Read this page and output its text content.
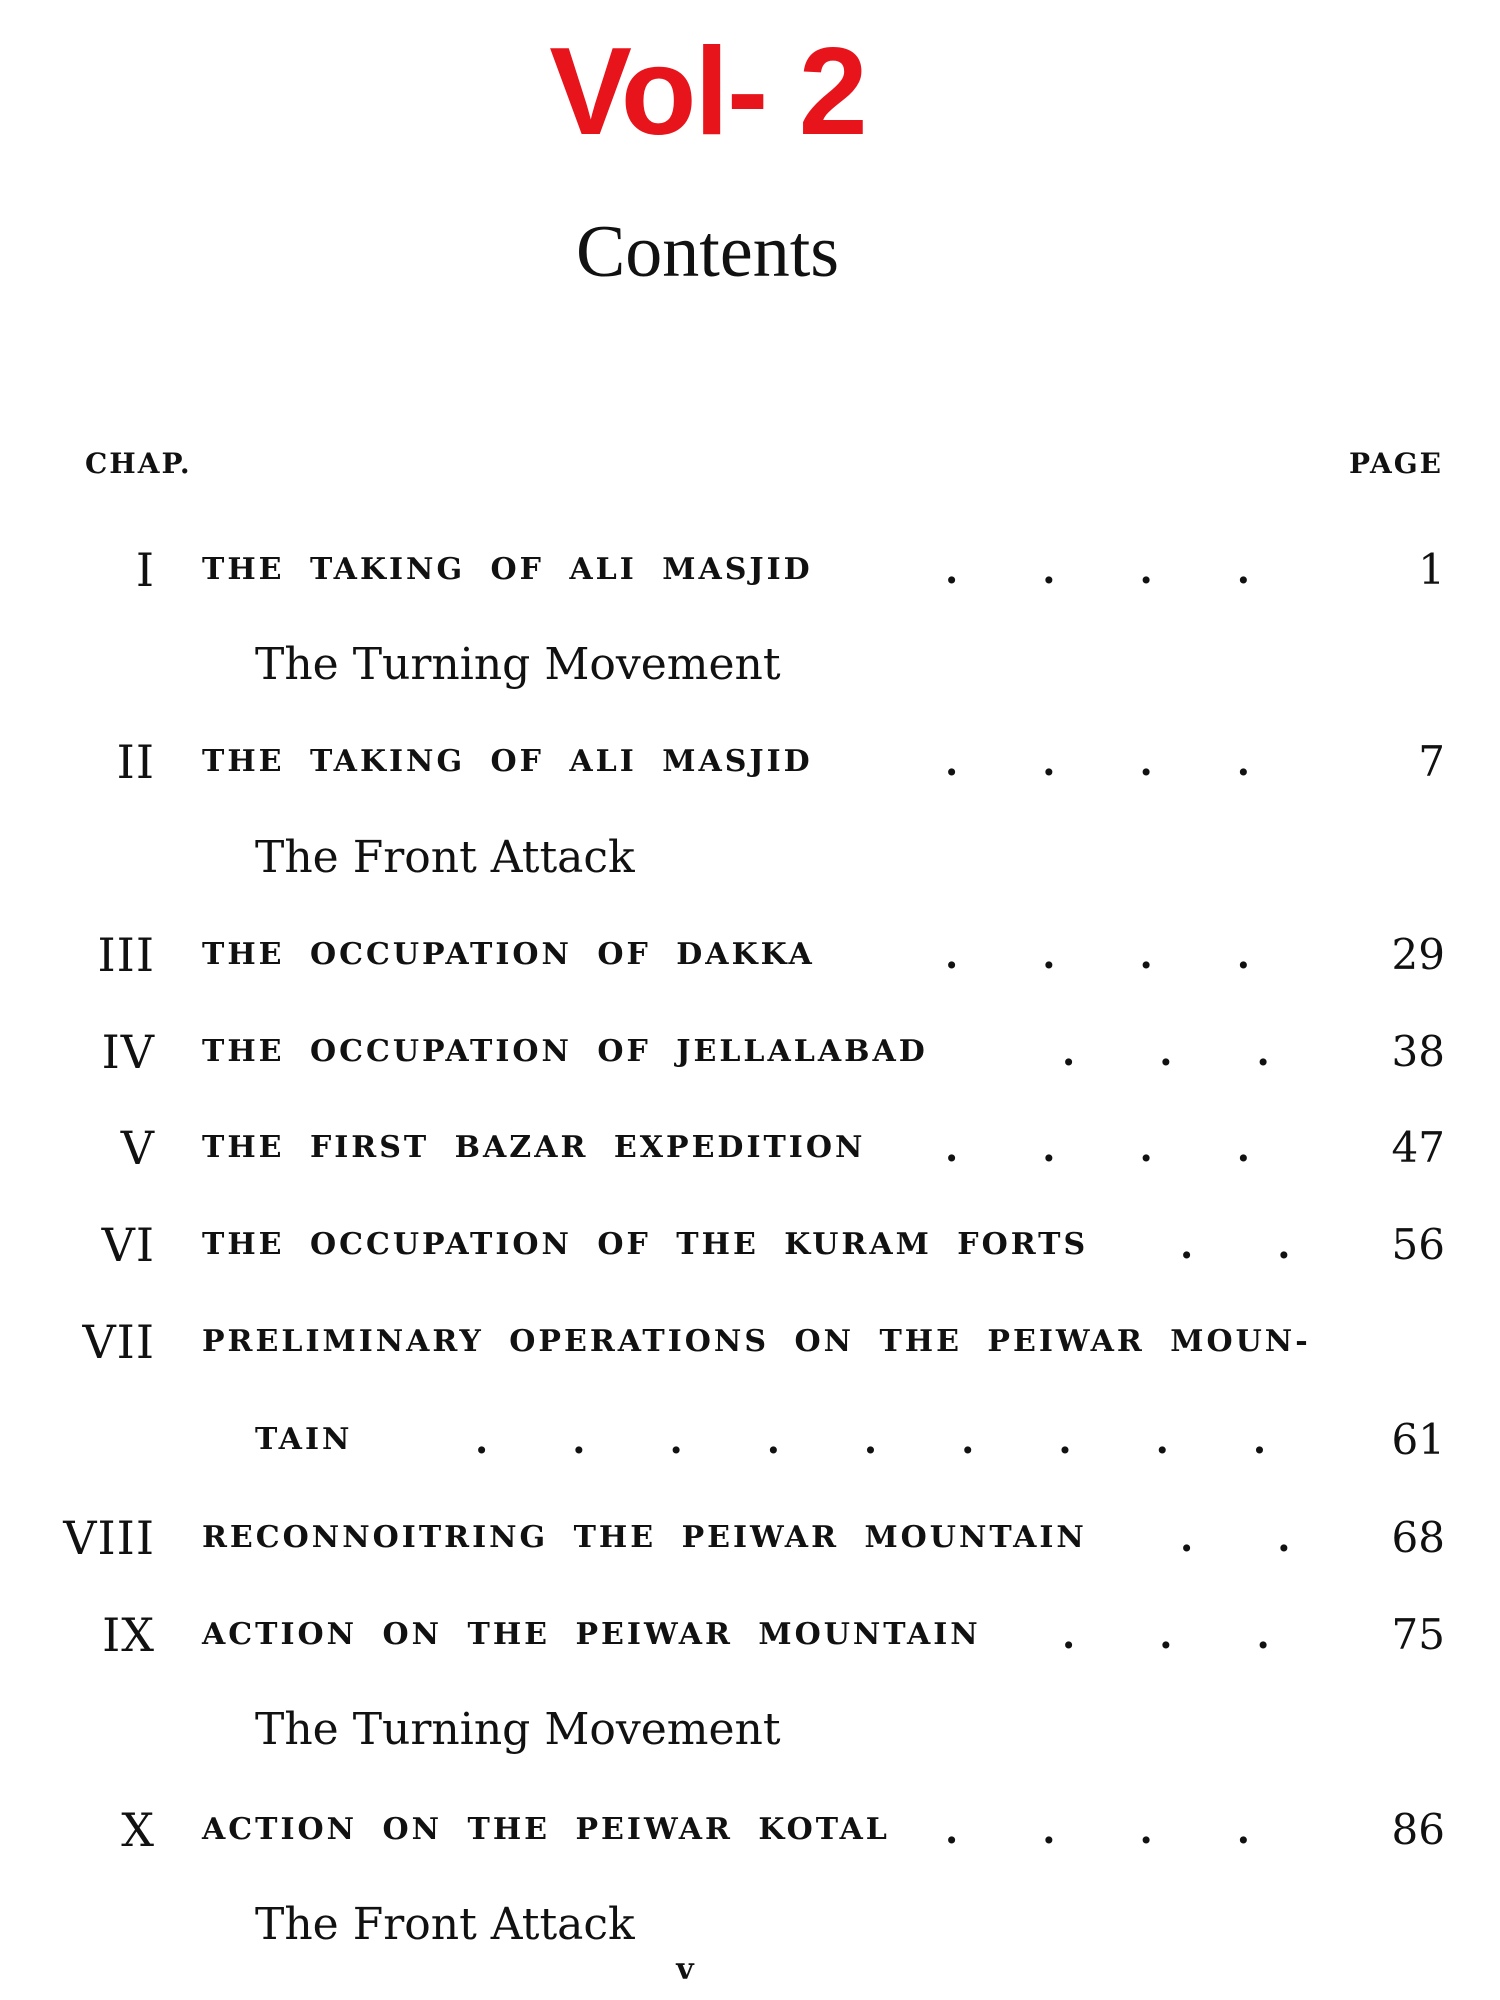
Vol- 2
Contents
CHAP.	PAGE
I THE TAKING OF ALI MASJID	.... 1
The Turning Movement
II THE TAKING OF ALI MASJID	.... 7
The Front Attack
III THE OCCUPATION OF DAKKA	.... 29
IV THE OCCUPATION OF JELLALABAD	... 38
V THE FIRST BAZAR EXPEDITION .... 47
VI THE OCCUPATION OF THE KURAM FORTS .. 56
VII PRELIMINARY OPERATIONS ON THE PEIWAR MOUN-
TAIN	......... 61
VIII RECONNOITRING THE PEIWAR MOUNTAIN .. 68
IX ACTION ON THE PEIWAR MOUNTAIN ... 75
The Turning Movement
X ACTION ON THE PEIWAR KOTAL .... 86
The Front Attack
v
